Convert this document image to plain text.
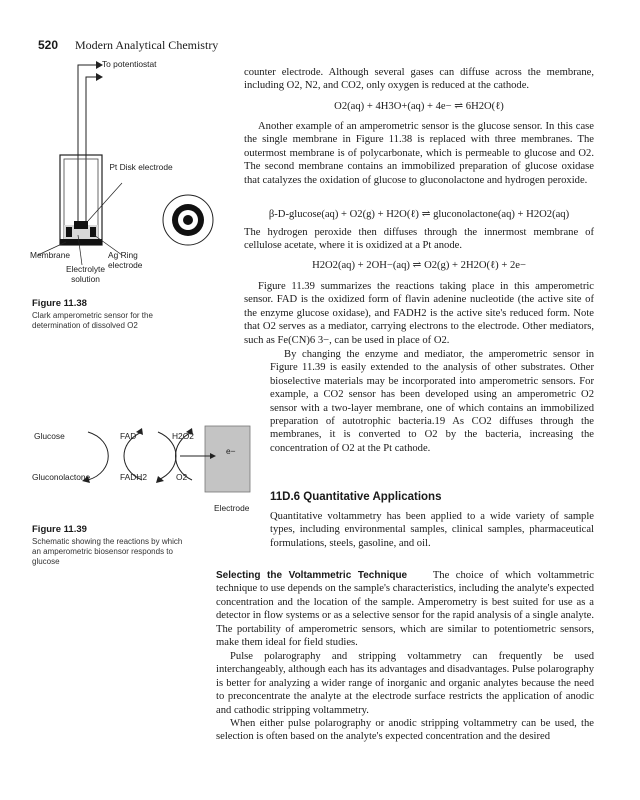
520 Modern Analytical Chemistry
To potentiostat
Pt Disk electrode
Membrane	Ag Ring electrode
Electrolyte solution
Figure 11.38
Clark amperometric sensor for the determination of dissolved O2
Glucose	FAD	H2O2
e−
Gluconolactone	FADH2	O2
Electrode
Figure 11.39
Schematic showing the reactions by which an amperometric biosensor responds to glucose
counter electrode. Although several gases can diffuse across the membrane, including O2, N2, and CO2, only oxygen is reduced at the cathode.
O2(aq) + 4H3O+(aq) + 4e− ⇌ 6H2O(ℓ)
Another example of an amperometric sensor is the glucose sensor. In this case the single membrane in Figure 11.38 is replaced with three membranes. The outermost membrane is of polycarbonate, which is permeable to glucose and O2. The second membrane contains an immobilized preparation of glucose oxidase that catalyzes the oxidation of glucose to gluconolactone and hydrogen peroxide.
β-D-glucose(aq) + O2(g) + H2O(ℓ) ⇌ gluconolactone(aq) + H2O2(aq)
The hydrogen peroxide then diffuses through the innermost membrane of cellulose acetate, where it is oxidized at a Pt anode.
H2O2(aq) + 2OH−(aq) ⇌ O2(g) + 2H2O(ℓ) + 2e−
Figure 11.39 summarizes the reactions taking place in this amperometric sensor. FAD is the oxidized form of flavin adenine nucleotide (the active site of the enzyme glucose oxidase), and FADH2 is the active site's reduced form. Note that O2 serves as a mediator, carrying electrons to the electrode. Other mediators, such as Fe(CN)6 3−, can be used in place of O2.
By changing the enzyme and mediator, the amperometric sensor in Figure 11.39 is easily extended to the analysis of other substrates. Other bioselective materials may be incorporated into amperometric sensors. For example, a CO2 sensor has been developed using an amperometric O2 sensor with a two-layer membrane, one of which contains an immobilized preparation of autotrophic bacteria.19 As CO2 diffuses through the membranes, it is converted to O2 by the bacteria, increasing the concentration of O2 at the Pt cathode.
11D.6 Quantitative Applications
Quantitative voltammetry has been applied to a wide variety of sample types, including environmental samples, clinical samples, pharmaceutical formulations, steels, gasoline, and oil.
Selecting the Voltammetric Technique The choice of which voltammetric technique to use depends on the sample's characteristics, including the analyte's expected concentration and the location of the sample. Amperometry is best suited for use as a detector in flow systems or as a selective sensor for the rapid analysis of a single analyte. The portability of amperometric sensors, which are similar to potentiometric sensors, make them ideal for field studies.
Pulse polarography and stripping voltammetry can frequently be used interchangeably, although each has its advantages and disadvantages. Pulse polarography is better for analyzing a wider range of inorganic and organic analytes because the need to preconcentrate the analyte at the electrode surface restricts the application of anodic and cathodic stripping voltammetry.
When either pulse polarography or anodic stripping voltammetry can be used, the selection is often based on the analyte's expected concentration and the desired
